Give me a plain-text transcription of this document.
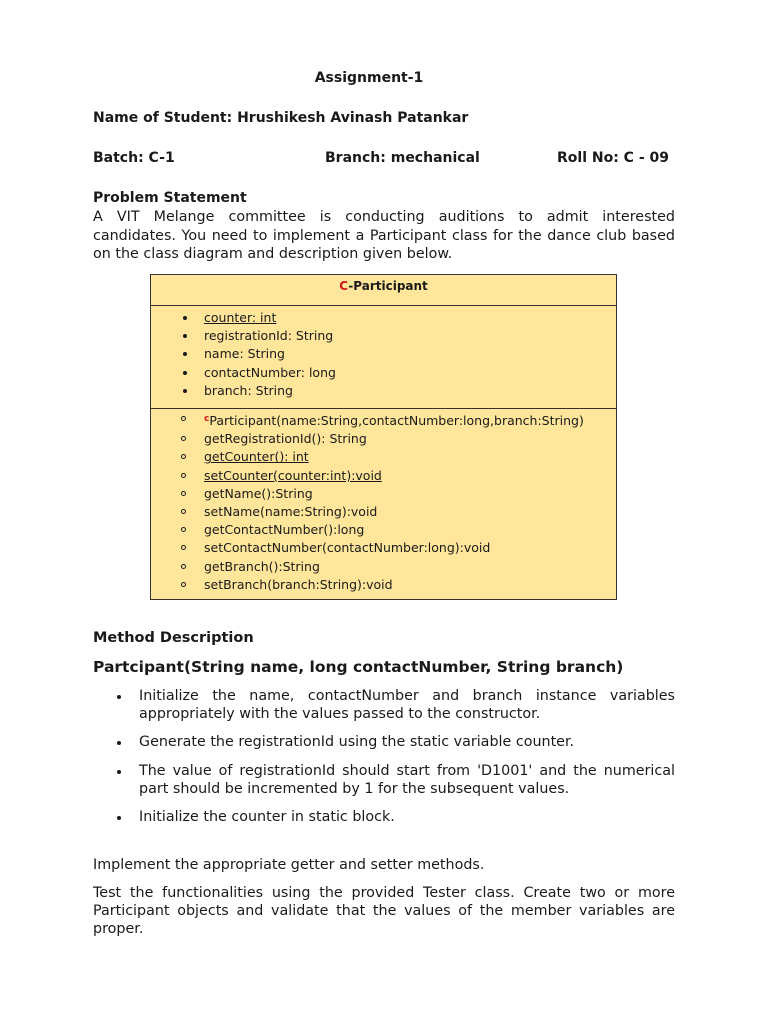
Assignment-1
Name of Student: Hrushikesh Avinash Patankar
Batch: C-1	Branch: mechanical	Roll No: C - 09
Problem Statement
A VIT Melange committee is conducting auditions to admit interested candidates. You need to implement a Participant class for the dance club based on the class diagram and description given below.
C-Participant
counter: int
registrationId: String
name: String
contactNumber: long
branch: String
$^c$Participant(name:String,contactNumber:long,branch:String)
getRegistrationId(): String
getCounter(): int
setCounter(counter:int):void
getName():String
setName(name:String):void
getContactNumber():long
setContactNumber(contactNumber:long):void
getBranch():String
setBranch(branch:String):void
Method Description
Partcipant(String name, long contactNumber, String branch)
Initialize the name, contactNumber and branch instance variables appropriately with the values passed to the constructor.
Generate the registrationId using the static variable counter.
The value of registrationId should start from 'D1001' and the numerical part should be incremented by 1 for the subsequent values.
Initialize the counter in static block.
Implement the appropriate getter and setter methods.
Test the functionalities using the provided Tester class. Create two or more Participant objects and validate that the values of the member variables are proper.
